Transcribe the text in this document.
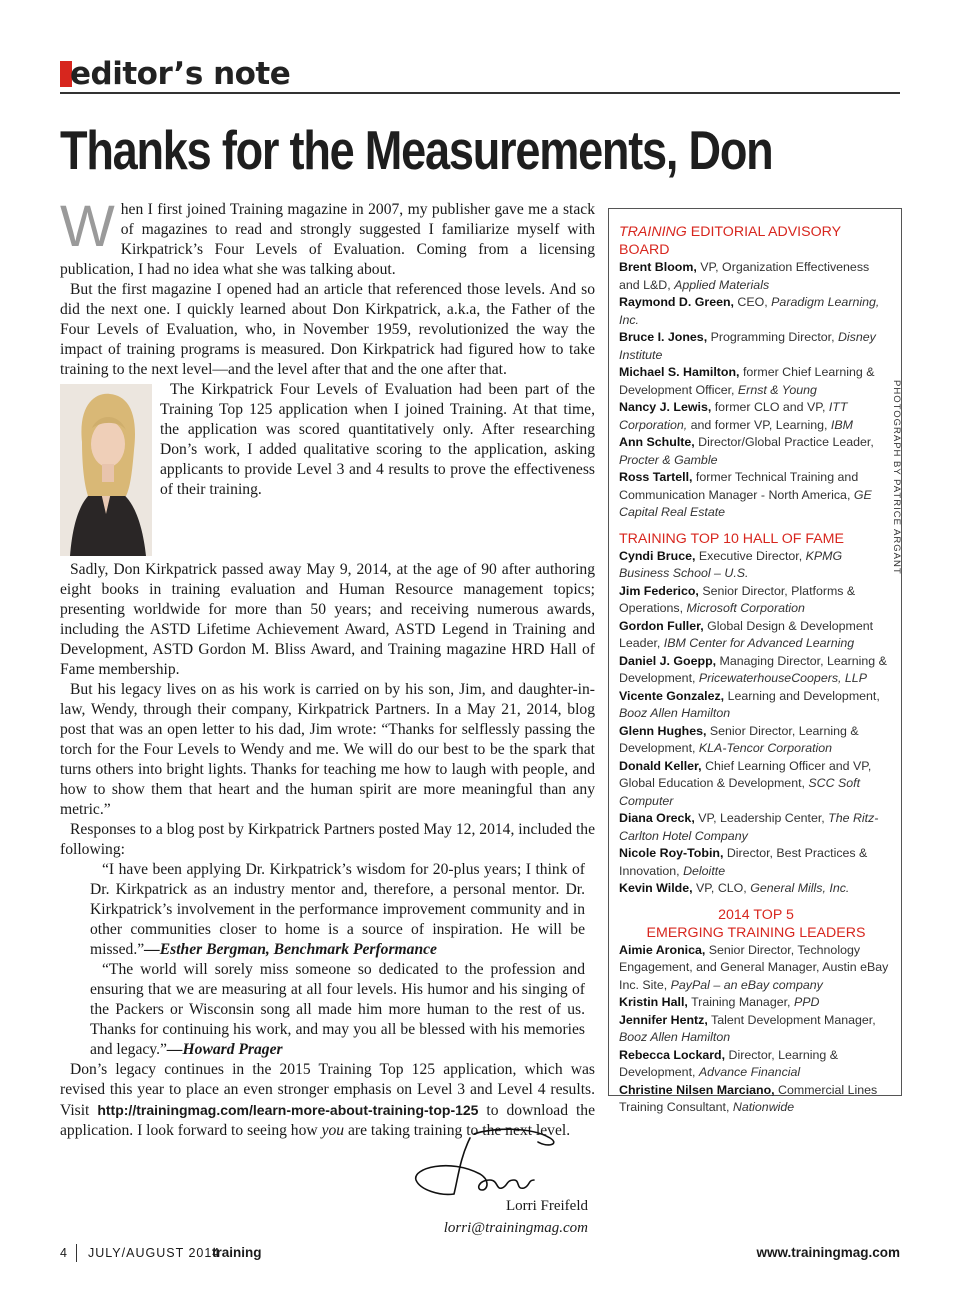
editor’s note
Thanks for the Measurements, Don

W hen I first joined Training magazine in 2007, my publisher gave me a stack of magazines to read and strongly suggested I familiarize myself with Kirkpatrick’s Four Levels of Evaluation. Coming from a licensing publication, I had no idea what she was talking about.

But the first magazine I opened had an article that referenced those levels. And so did the next one. I quickly learned about Don Kirkpatrick, a.k.a, the Father of the Four Levels of Evaluation, who, in November 1959, revolutionized the way the impact of training programs is measured. Don Kirkpatrick had figured how to take training to the next level—and the level after that and the one after that.

The Kirkpatrick Four Levels of Evaluation had been part of the Training Top 125 application when I joined Training. At that time, the application was scored quantitatively only. After researching Don’s work, I added qualitative scoring to the application, asking applicants to provide Level 3 and 4 results to prove the effectiveness of their training.

Sadly, Don Kirkpatrick passed away May 9, 2014, at the age of 90 after authoring eight books in training evaluation and Human Resource management topics; presenting worldwide for more than 50 years; and receiving numerous awards, including the ASTD Lifetime Achievement Award, ASTD Legend in Training and Development, ASTD Gordon M. Bliss Award, and Training magazine HRD Hall of Fame membership.

But his legacy lives on as his work is carried on by his son, Jim, and daughter-in-law, Wendy, through their company, Kirkpatrick Partners. In a May 21, 2014, blog post that was an open letter to his dad, Jim wrote: “Thanks for selflessly passing the torch for the Four Levels to Wendy and me. We will do our best to be the spark that turns others into bright lights. Thanks for teaching me how to laugh with people, and how to show them that heart and the human spirit are more meaningful than any metric.”

Responses to a blog post by Kirkpatrick Partners posted May 12, 2014, included the following:

“I have been applying Dr. Kirkpatrick’s wisdom for 20-plus years; I think of Dr. Kirkpatrick as an industry mentor and, therefore, a personal mentor. Dr. Kirkpatrick’s involvement in the performance improvement community and in other communities closer to home is a source of inspiration. He will be missed.”—Esther Bergman, Benchmark Performance

“The world will sorely miss someone so dedicated to the profession and ensuring that we are measuring at all four levels. His humor and his singing of the Packers or Wisconsin song all made him more human to the rest of us. Thanks for continuing his work, and may you all be blessed with his memories and legacy.”—Howard Prager

Don’s legacy continues in the 2015 Training Top 125 application, which was revised this year to place an even stronger emphasis on Level 3 and Level 4 results. Visit http://trainingmag.com/learn-more-about-training-top-125 to download the application. I look forward to seeing how you are taking training to the next level.

TRAINING EDITORIAL ADVISORY BOARD

Brent Bloom, VP, Organization Effectiveness and L&D, Applied Materials

Raymond D. Green, CEO, Paradigm Learning, Inc.

Bruce I. Jones, Programming Director, Disney Institute

Michael S. Hamilton, former Chief Learning & Development Officer, Ernst & Young

Nancy J. Lewis, former CLO and VP, ITT Corporation, and former VP, Learning, IBM

Ann Schulte, Director/Global Practice Leader, Procter & Gamble

Ross Tartell, former Technical Training and Communication Manager - North America, GE Capital Real Estate

TRAINING TOP 10 HALL OF FAME

Cyndi Bruce, Executive Director, KPMG Business School – U.S.

Jim Federico, Senior Director, Platforms & Operations, Microsoft Corporation

Gordon Fuller, Global Design & Development Leader, IBM Center for Advanced Learning

Daniel J. Goepp, Managing Director, Learning & Development, PricewaterhouseCoopers, LLP

Vicente Gonzalez, Learning and Development, Booz Allen Hamilton

Glenn Hughes, Senior Director, Learning & Development, KLA-Tencor Corporation

Donald Keller, Chief Learning Officer and VP, Global Education & Development, SCC Soft Computer

Diana Oreck, VP, Leadership Center, The Ritz-Carlton Hotel Company

Nicole Roy-Tobin, Director, Best Practices & Innovation, Deloitte

Kevin Wilde, VP, CLO, General Mills, Inc.

2014 TOP 5

EMERGING TRAINING LEADERS

Aimie Aronica, Senior Director, Technology Engagement, and General Manager, Austin eBay Inc. Site, PayPal – an eBay company

Kristin Hall, Training Manager, PPD

Jennifer Hentz, Talent Development Manager, Booz Allen Hamilton

Rebecca Lockard, Director, Learning & Development, Advance Financial

Christine Nilsen Marciano, Commercial Lines Training Consultant, Nationwide

PHOTOGRAPH BY PATRICE ARGANT
Lorri Freifeld
lorri@trainingmag.com
4 JULY/AUGUST 2014
training	www.trainingmag.com
